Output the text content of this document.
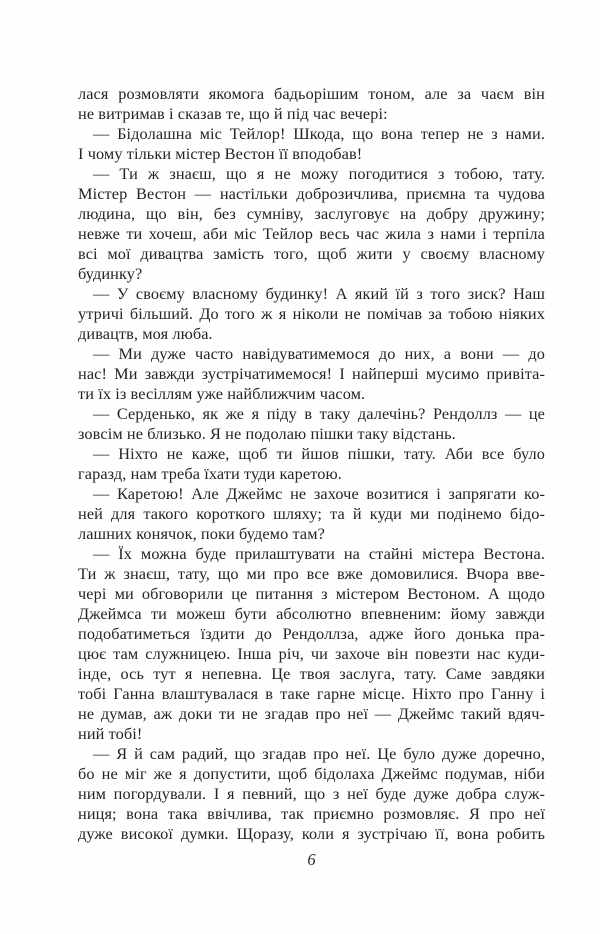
лася розмовляти якомога бадьорішим тоном, але за чаєм він
не витримав і сказав те, що й під час вечері:
— Бідолашна міс Тейлор! Шкода, що вона тепер не з нами.
І чому тільки містер Вестон її вподобав!
— Ти ж знаєш, що я не можу погодитися з тобою, тату.
Містер Вестон — настільки доброзичлива, приємна та чудова
людина, що він, без сумніву, заслуговує на добру дружину;
невже ти хочеш, аби міс Тейлор весь час жила з нами і терпіла
всі мої дивацтва замість того, щоб жити у своєму власному
будинку?
— У своєму власному будинку! А який їй з того зиск? Наш
утричі більший. До того ж я ніколи не помічав за тобою ніяких
дивацтв, моя люба.
— Ми дуже часто навідуватимемося до них, а вони — до
нас! Ми завжди зустрічатимемося! І найперші мусимо привіта-
ти їх із весіллям уже найближчим часом.
— Серденько, як же я піду в таку далечінь? Рендоллз — це
зовсім не близько. Я не подолаю пішки таку відстань.
— Ніхто не каже, щоб ти йшов пішки, тату. Аби все було
гаразд, нам треба їхати туди каретою.
— Каретою! Але Джеймс не захоче возитися і запрягати ко-
ней для такого короткого шляху; та й куди ми подінемо бідо-
лашних конячок, поки будемо там?
— Їх можна буде прилаштувати на стайні містера Вестона.
Ти ж знаєш, тату, що ми про все вже домовилися. Вчора вве-
чері ми обговорили це питання з містером Вестоном. А щодо
Джеймса ти можеш бути абсолютно впевненим: йому завжди
подобатиметься їздити до Рендоллза, адже його донька пра-
цює там служницею. Інша річ, чи захоче він повезти нас куди-
інде, ось тут я непевна. Це твоя заслуга, тату. Саме завдяки
тобі Ганна влаштувалася в таке гарне місце. Ніхто про Ганну і
не думав, аж доки ти не згадав про неї — Джеймс такий вдяч-
ний тобі!
— Я й сам радий, що згадав про неї. Це було дуже доречно,
бо не міг же я допустити, щоб бідолаха Джеймс подумав, ніби
ним погордували. І я певний, що з неї буде дуже добра служ-
ниця; вона така ввічлива, так приємно розмовляє. Я про неї
дуже високої думки. Щоразу, коли я зустрічаю її, вона робить
6
